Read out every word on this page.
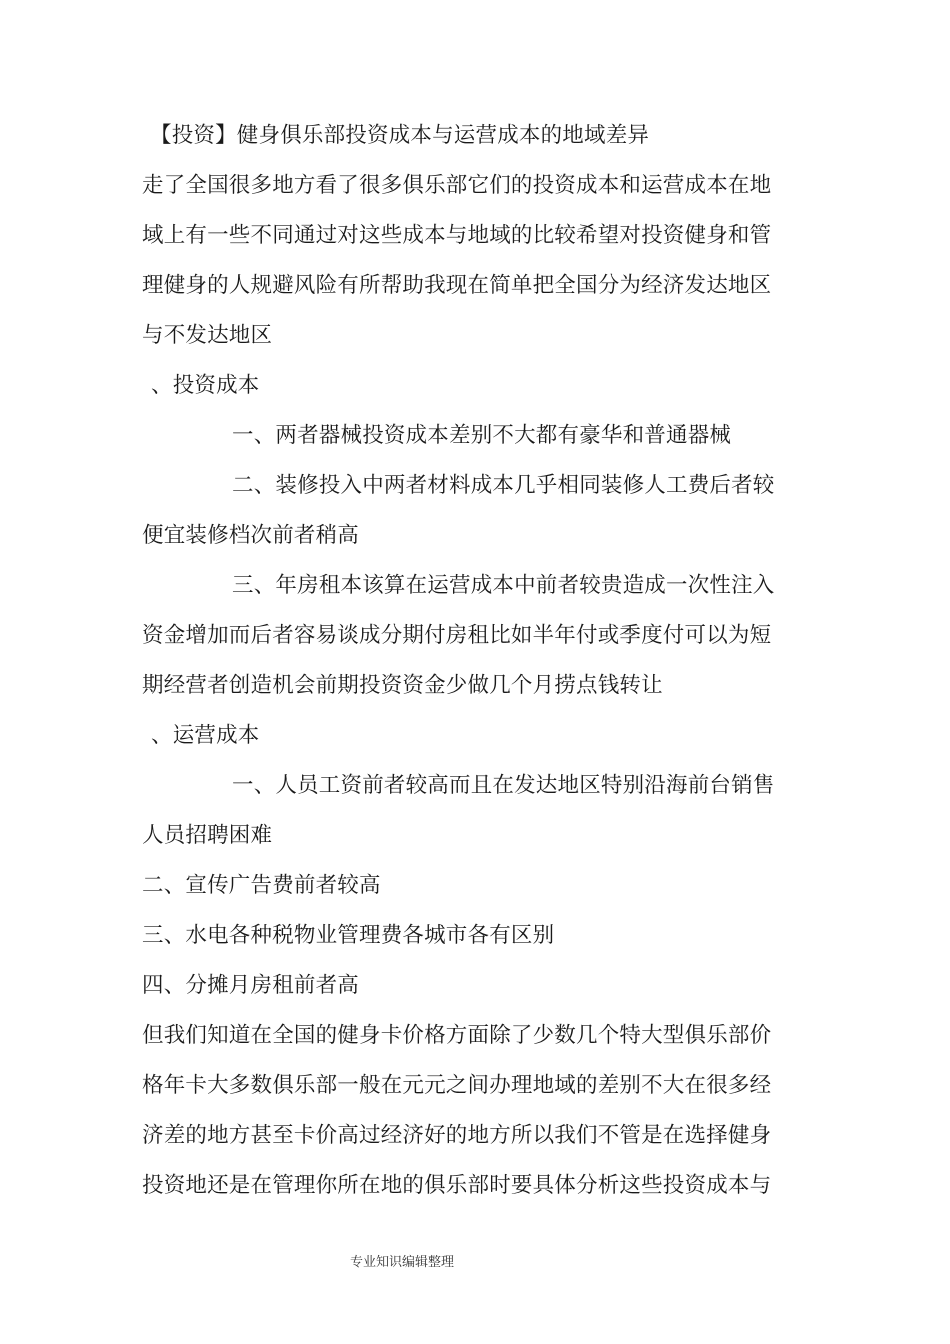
【投资】健身俱乐部投资成本与运营成本的地域差异
走了全国很多地方看了很多俱乐部它们的投资成本和运营成本在地
域上有一些不同通过对这些成本与地域的比较希望对投资健身和管
理健身的人规避风险有所帮助我现在简单把全国分为经济发达地区
与不发达地区
、投资成本
一、两者器械投资成本差别不大都有豪华和普通器械
二、装修投入中两者材料成本几乎相同装修人工费后者较
便宜装修档次前者稍高
三、年房租本该算在运营成本中前者较贵造成一次性注入
资金增加而后者容易谈成分期付房租比如半年付或季度付可以为短
期经营者创造机会前期投资资金少做几个月捞点钱转让
、运营成本
一、人员工资前者较高而且在发达地区特别沿海前台销售
人员招聘困难
二、宣传广告费前者较高
三、水电各种税物业管理费各城市各有区别
四、分摊月房租前者高
但我们知道在全国的健身卡价格方面除了少数几个特大型俱乐部价
格年卡大多数俱乐部一般在元元之间办理地域的差别不大在很多经
济差的地方甚至卡价高过经济好的地方所以我们不管是在选择健身
投资地还是在管理你所在地的俱乐部时要具体分析这些投资成本与
专业知识编辑整理
